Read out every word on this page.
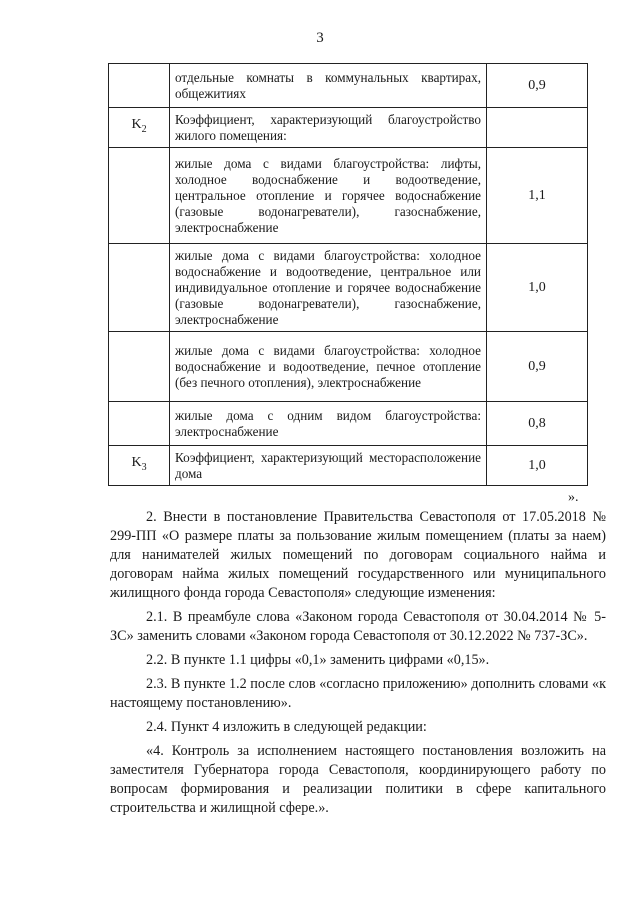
3
	отдельные комнаты в коммунальных квартирах, общежитиях	0,9
$K_2$	Коэффициент, характеризующий благоустройство жилого помещения:	
	жилые дома с видами благоустройства: лифты, холодное водоснабжение и водоотведение, центральное отопление и горячее водоснабжение (газовые водонагреватели), газоснабжение, электроснабжение	1,1
	жилые дома с видами благоустройства: холодное водоснабжение и водоотведение, центральное или индивидуальное отопление и горячее водоснабжение (газовые водонагреватели), газоснабжение, электроснабжение	1,0
	жилые дома с видами благоустройства: холодное водоснабжение и водоотведение, печное отопление (без печного отопления), электроснабжение	0,9
	жилые дома с одним видом благоустройства: электроснабжение	0,8
$K_3$	Коэффициент, характеризующий месторасположение дома	1,0
».

2. Внести в постановление Правительства Севастополя от 17.05.2018 № 299-ПП «О размере платы за пользование жилым помещением (платы за наем) для нанимателей жилых помещений по договорам социального найма и договорам найма жилых помещений государственного или муниципального жилищного фонда города Севастополя» следующие изменения:

2.1. В преамбуле слова «Законом города Севастополя от 30.04.2014 № 5-ЗС» заменить словами «Законом города Севастополя от 30.12.2022 № 737-ЗС».

2.2. В пункте 1.1 цифры «0,1» заменить цифрами «0,15».

2.3. В пункте 1.2 после слов «согласно приложению» дополнить словами «к настоящему постановлению».

2.4. Пункт 4 изложить в следующей редакции:

«4. Контроль за исполнением настоящего постановления возложить на заместителя Губернатора города Севастополя, координирующего работу по вопросам формирования и реализации политики в сфере капитального строительства и жилищной сфере.».
